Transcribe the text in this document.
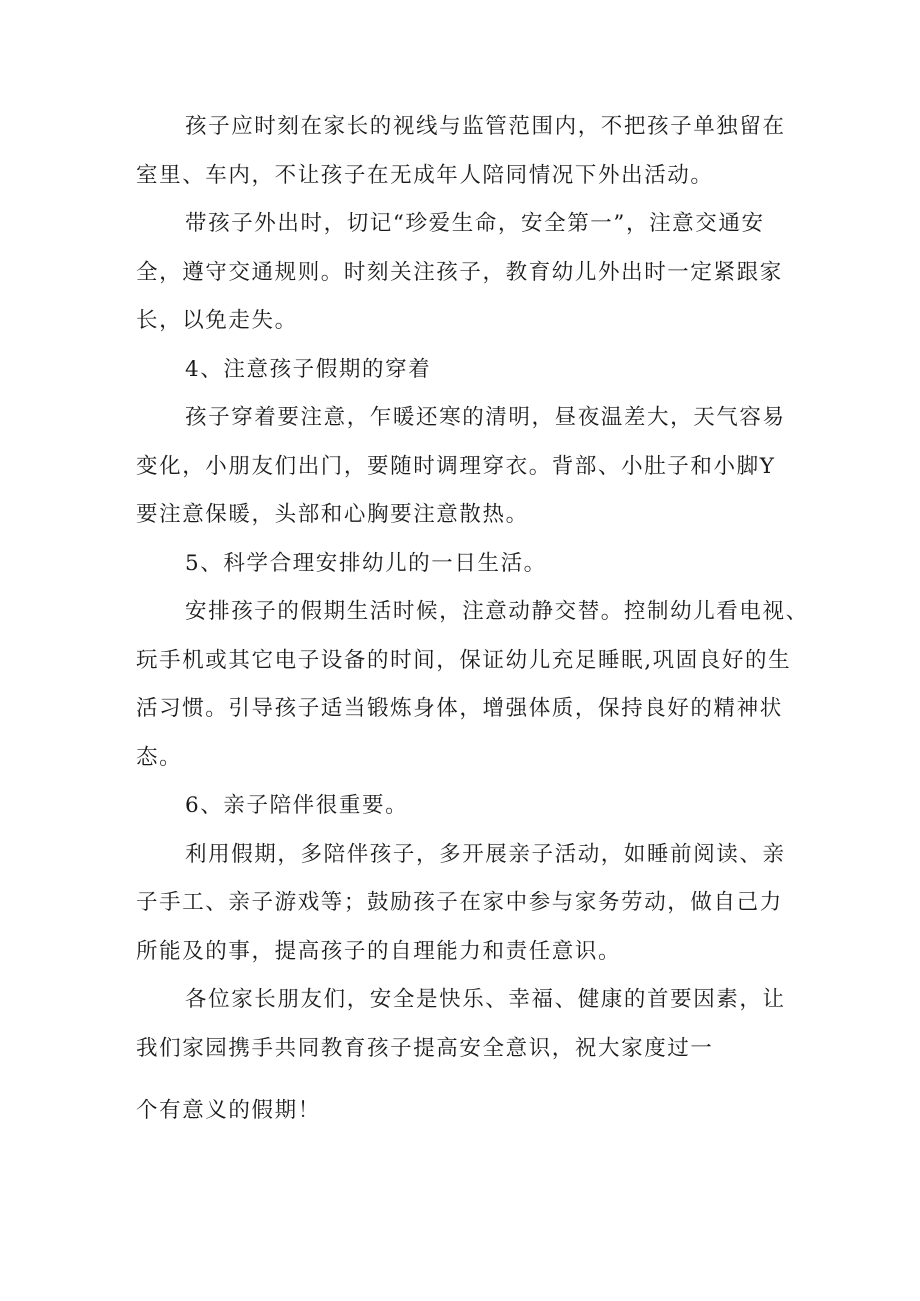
孩子应时刻在家长的视线与监管范围内，不把孩子单独留在
室里、车内，不让孩子在无成年人陪同情况下外出活动。
带孩子外出时，切记“珍爱生命，安全第一”，注意交通安
全，遵守交通规则。时刻关注孩子，教育幼儿外出时一定紧跟家
长，以免走失。
4、注意孩子假期的穿着
孩子穿着要注意，乍暖还寒的清明，昼夜温差大，天气容易
变化，小朋友们出门，要随时调理穿衣。背部、小肚子和小脚Y
要注意保暖，头部和心胸要注意散热。
5、科学合理安排幼儿的一日生活。
安排孩子的假期生活时候，注意动静交替。控制幼儿看电视、
玩手机或其它电子设备的时间，保证幼儿充足睡眠,巩固良好的生
活习惯。引导孩子适当锻炼身体，增强体质，保持良好的精神状
态。
6、亲子陪伴很重要。
利用假期，多陪伴孩子，多开展亲子活动，如睡前阅读、亲
子手工、亲子游戏等；鼓励孩子在家中参与家务劳动，做自己力
所能及的事，提高孩子的自理能力和责任意识。
各位家长朋友们，安全是快乐、幸福、健康的首要因素，让
我们家园携手共同教育孩子提高安全意识，祝大家度过一
个有意义的假期！
